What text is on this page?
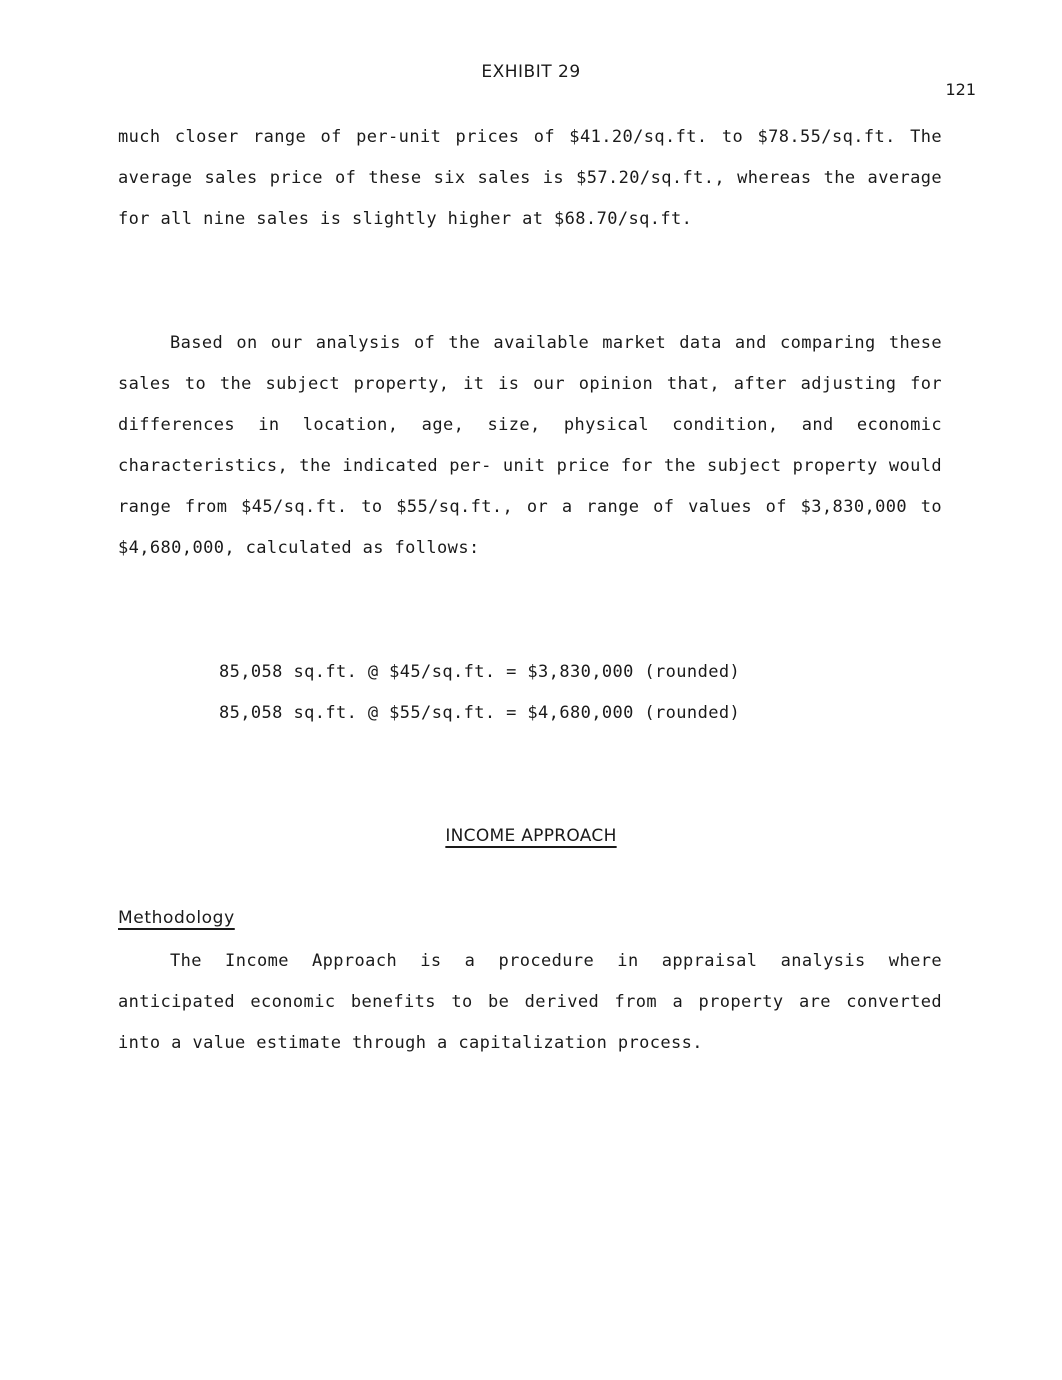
EXHIBIT 29
121

much closer range of per-unit prices of $41.20/sq.ft. to $78.55/sq.ft. The average sales price of these six sales is $57.20/sq.ft., whereas the average for all nine sales is slightly higher at $68.70/sq.ft.

Based on our analysis of the available market data and comparing these sales to the subject property, it is our opinion that, after adjusting for differences in location, age, size, physical condition, and economic characteristics, the indicated per- unit price for the subject property would range from $45/sq.ft. to $55/sq.ft., or a range of values of $3,830,000 to $4,680,000, calculated as follows:

85,058 sq.ft. @ $45/sq.ft. = $3,830,000 (rounded)
85,058 sq.ft. @ $55/sq.ft. = $4,680,000 (rounded)
INCOME APPROACH
Methodology

The Income Approach is a procedure in appraisal analysis where anticipated economic benefits to be derived from a property are converted into a value estimate through a capitalization process.
